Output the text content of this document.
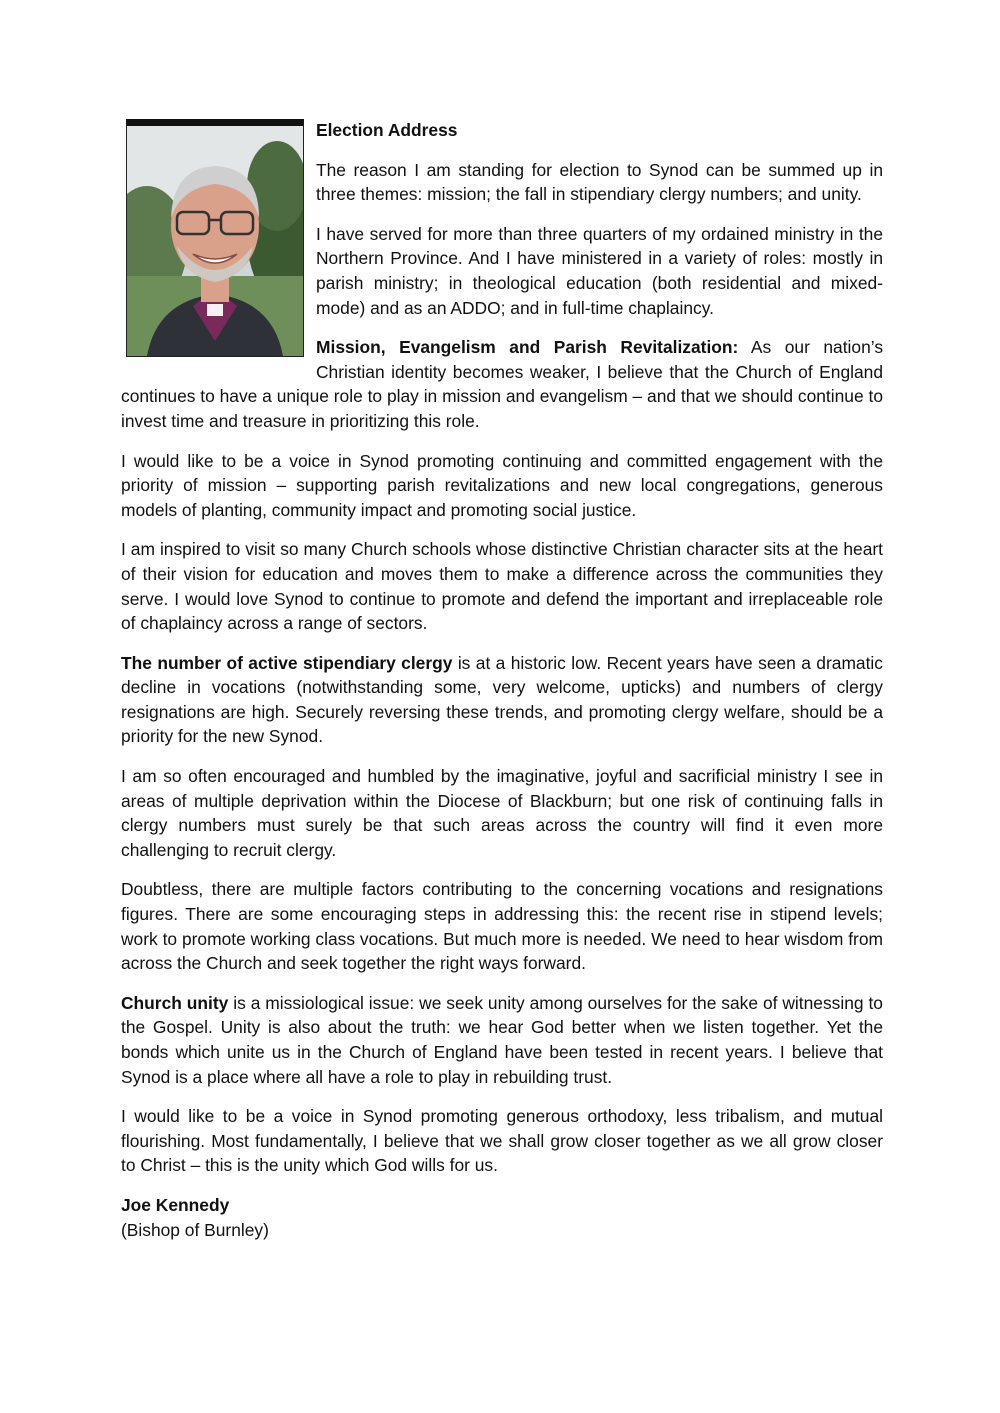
Election Address

The reason I am standing for election to Synod can be summed up in three themes: mission; the fall in stipendiary clergy numbers; and unity.

I have served for more than three quarters of my ordained ministry in the Northern Province. And I have ministered in a variety of roles: mostly in parish ministry; in theological education (both residential and mixed-mode) and as an ADDO; and in full-time chaplaincy.

Mission, Evangelism and Parish Revitalization: As our nation’s Christian identity becomes weaker, I believe that the Church of England continues to have a unique role to play in mission and evangelism – and that we should continue to invest time and treasure in prioritizing this role.

I would like to be a voice in Synod promoting continuing and committed engagement with the priority of mission – supporting parish revitalizations and new local congregations, generous models of planting, community impact and promoting social justice.

I am inspired to visit so many Church schools whose distinctive Christian character sits at the heart of their vision for education and moves them to make a difference across the communities they serve. I would love Synod to continue to promote and defend the important and irreplaceable role of chaplaincy across a range of sectors.

The number of active stipendiary clergy is at a historic low. Recent years have seen a dramatic decline in vocations (notwithstanding some, very welcome, upticks) and numbers of clergy resignations are high. Securely reversing these trends, and promoting clergy welfare, should be a priority for the new Synod.

I am so often encouraged and humbled by the imaginative, joyful and sacrificial ministry I see in areas of multiple deprivation within the Diocese of Blackburn; but one risk of continuing falls in clergy numbers must surely be that such areas across the country will find it even more challenging to recruit clergy.

Doubtless, there are multiple factors contributing to the concerning vocations and resignations figures. There are some encouraging steps in addressing this: the recent rise in stipend levels; work to promote working class vocations. But much more is needed. We need to hear wisdom from across the Church and seek together the right ways forward.

Church unity is a missiological issue: we seek unity among ourselves for the sake of witnessing to the Gospel. Unity is also about the truth: we hear God better when we listen together. Yet the bonds which unite us in the Church of England have been tested in recent years. I believe that Synod is a place where all have a role to play in rebuilding trust.

I would like to be a voice in Synod promoting generous orthodoxy, less tribalism, and mutual flourishing. Most fundamentally, I believe that we shall grow closer together as we all grow closer to Christ – this is the unity which God wills for us.

Joe Kennedy
(Bishop of Burnley)
